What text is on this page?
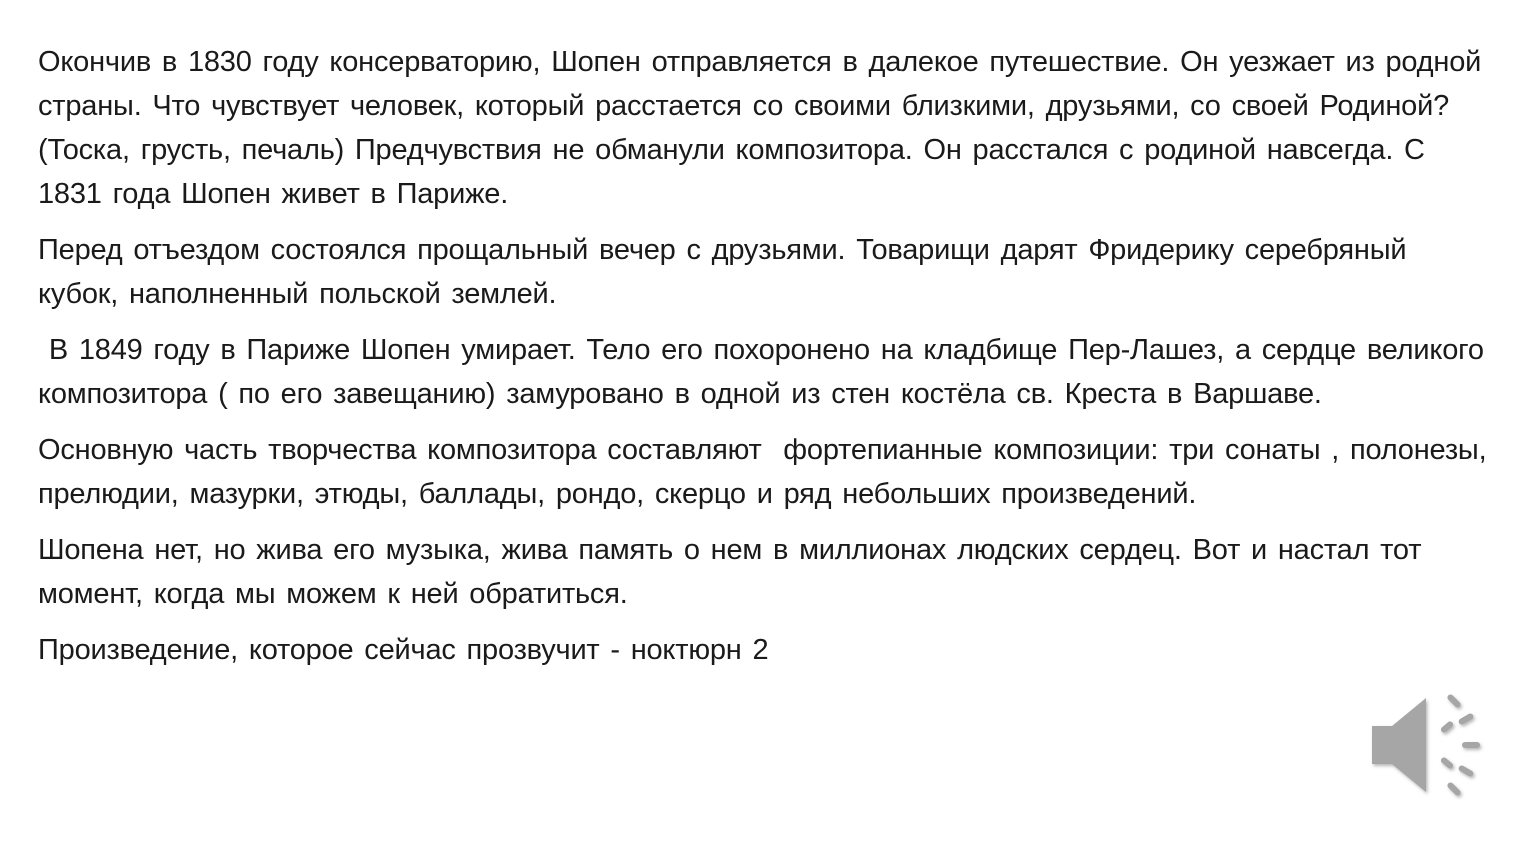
Окончив в 1830 году консерваторию, Шопен отправляется в далекое путешествие. Он уезжает из родной страны. Что чувствует человек, который расстается со своими близкими, друзьями, со своей Родиной? (Тоска, грусть, печаль) Предчувствия не обманули композитора. Он расстался с родиной навсегда. С 1831 года Шопен живет в Париже.

Перед отъездом состоялся прощальный вечер с друзьями. Товарищи дарят Фридерику серебряный кубок, наполненный польской землей.

В 1849 году в Париже Шопен умирает. Тело его похоронено на кладбище Пер-Лашез, а сердце великого композитора ( по его завещанию) замуровано в одной из стен костёла св. Креста в Варшаве.

Основную часть творчества композитора составляют  фортепианные композиции: три сонаты , полонезы, прелюдии, мазурки, этюды, баллады, рондо, скерцо и ряд небольших произведений.

Шопена нет, но жива его музыка, жива память о нем в миллионах людских сердец. Вот и настал тот момент, когда мы можем к ней обратиться.

Произведение, которое сейчас прозвучит - ноктюрн 2
